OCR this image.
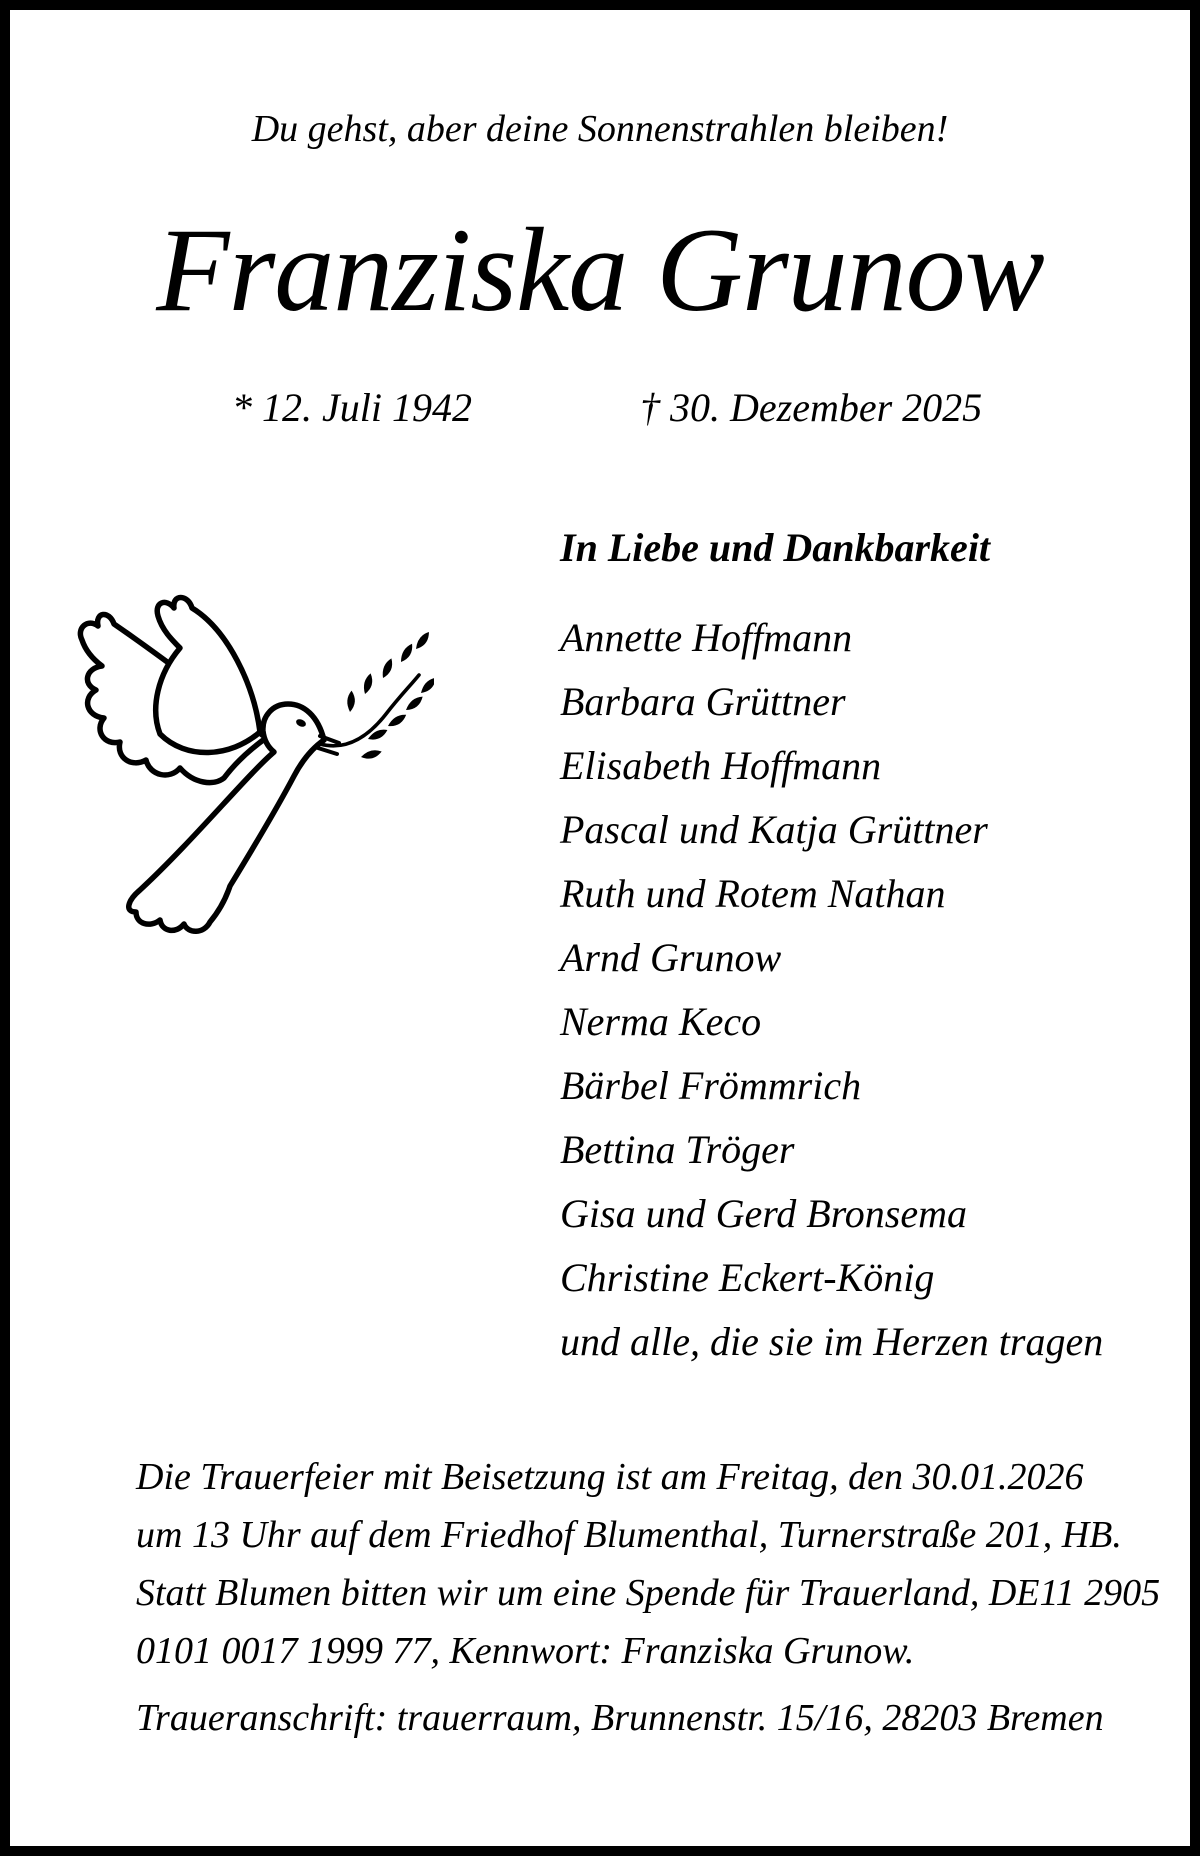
Du gehst, aber deine Sonnenstrahlen bleiben!
Franziska Grunow
* 12. Juli 1942	† 30. Dezember 2025
In Liebe und Dankbarkeit
Annette Hoffmann
Barbara Grüttner
Elisabeth Hoffmann
Pascal und Katja Grüttner
Ruth und Rotem Nathan
Arnd Grunow
Nerma Keco
Bärbel Frömmrich
Bettina Tröger
Gisa und Gerd Bronsema
Christine Eckert-König
und alle, die sie im Herzen tragen
Die Trauerfeier mit Beisetzung ist am Freitag, den 30.01.2026
um 13 Uhr auf dem Friedhof Blumenthal, Turnerstraße 201, HB.
Statt Blumen bitten wir um eine Spende für Trauerland, DE11 2905
0101 0017 1999 77, Kennwort: Franziska Grunow.
Traueranschrift: trauerraum, Brunnenstr. 15/16, 28203 Bremen
